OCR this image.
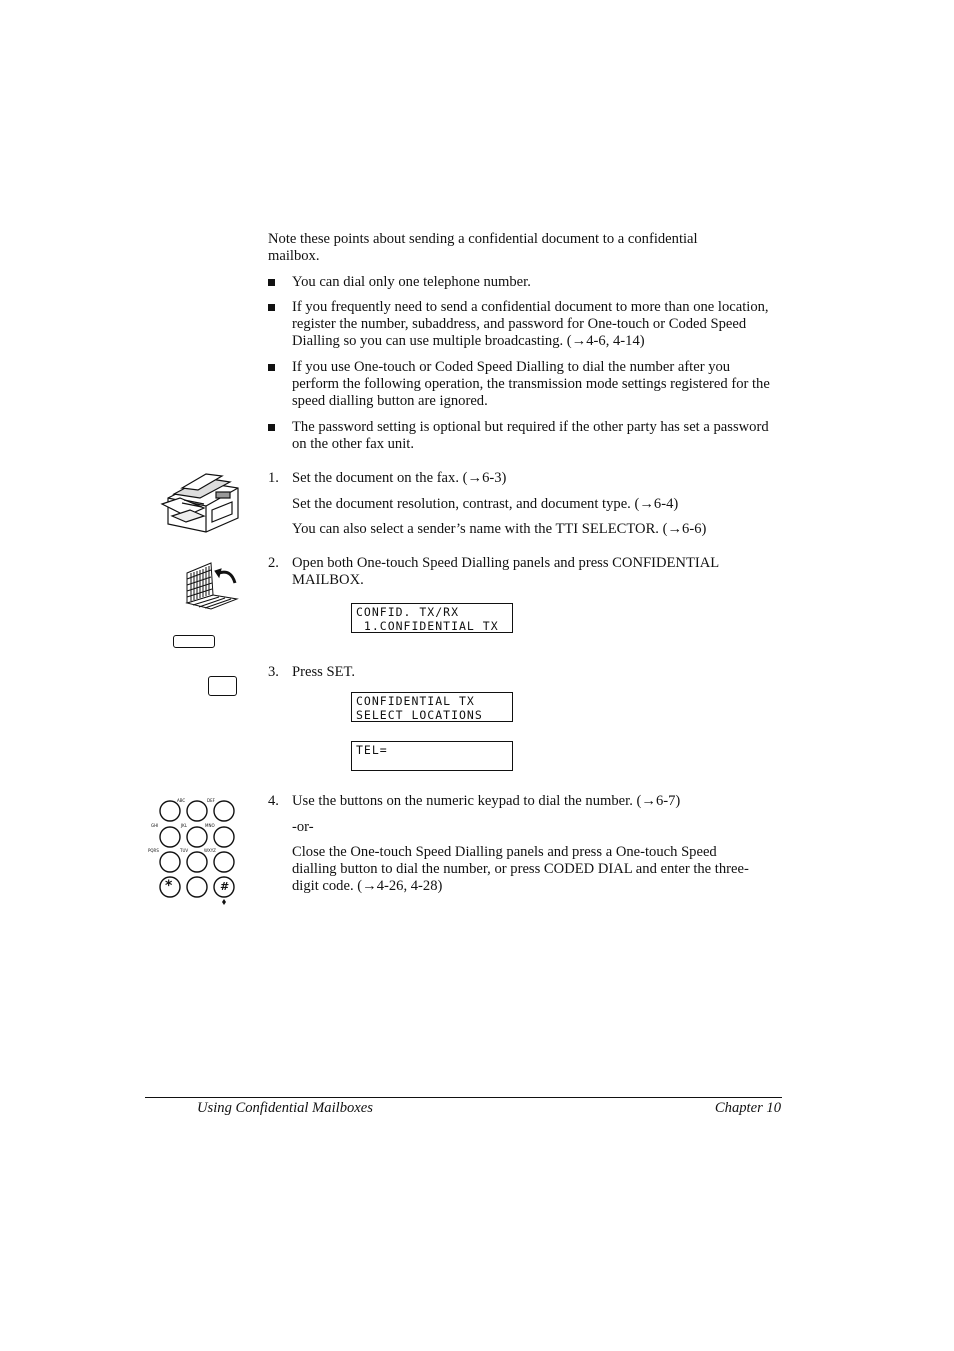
Note these points about sending a confidential document to a confidential mailbox.

You can dial only one telephone number.

If you frequently need to send a confidential document to more than one location, register the number, subaddress, and password for One-touch or Coded Speed Dialling so you can use multiple broadcasting. (→4-6, 4-14)

If you use One-touch or Coded Speed Dialling to dial the number after you perform the following operation, the transmission mode settings registered for the speed dialling button are ignored.

The password setting is optional but required if the other party has set a password on the other fax unit.

1. Set the document on the fax. (→6-3)

Set the document resolution, contrast, and document type. (→6-4)

You can also select a sender’s name with the TTI SELECTOR. (→6-6)

2. Open both One-touch Speed Dialling panels and press CONFIDENTIAL MAILBOX.

CONFID. TX/RX
1.CONFIDENTIAL TX
3. Press SET.

CONFIDENTIAL TX
SELECT LOCATIONS
TEL=
ABC	DEF
GHI	JKL	MNO
PQRS	TUV	WXYZ
*	#
4. Use the buttons on the numeric keypad to dial the number. (→6-7)

-or-

Close the One-touch Speed Dialling panels and press a One-touch Speed dialling button to dial the number, or press CODED DIAL and enter the three-digit code. (→4-26, 4-28)

Using Confidential Mailboxes	Chapter 10
